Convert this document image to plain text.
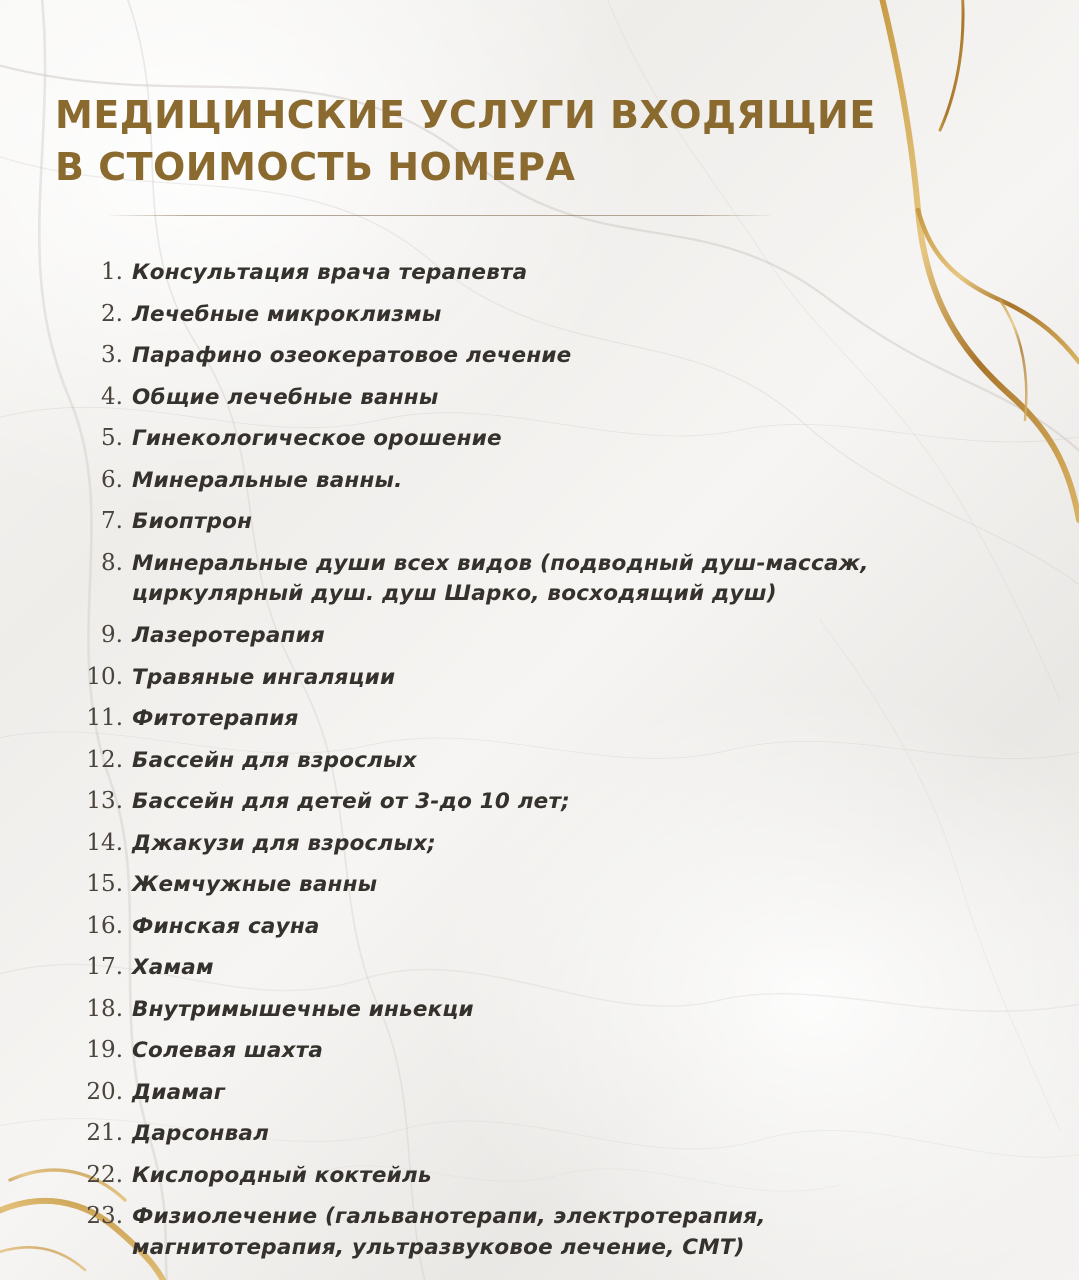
МЕДИЦИНСКИЕ УСЛУГИ ВХОДЯЩИЕ
В СТОИМОСТЬ НОМЕРА
1. Консультация врача терапевта
2. Лечебные микроклизмы
3. Парафино озеокератовое лечение
4. Общие лечебные ванны
5. Гинекологическое орошение
6. Минеральные ванны.
7. Биоптрон
8. Минеральные души всех видов (подводный душ-массаж, циркулярный душ. душ Шарко, восходящий душ)
9. Лазеротерапия
10. Травяные ингаляции
11. Фитотерапия
12. Бассейн для взрослых
13. Бассейн для детей от 3-до 10 лет;
14. Джакузи для взрослых;
15. Жемчужные ванны
16. Финская сауна
17. Хамам
18. Внутримышечные иньекци
19. Солевая шахта
20. Диамаг
21. Дарсонвал
22. Кислородный коктейль
23. Физиолечение (гальванотерапи, электротерапия, магнитотерапия, ультразвуковое лечение, СМТ)
